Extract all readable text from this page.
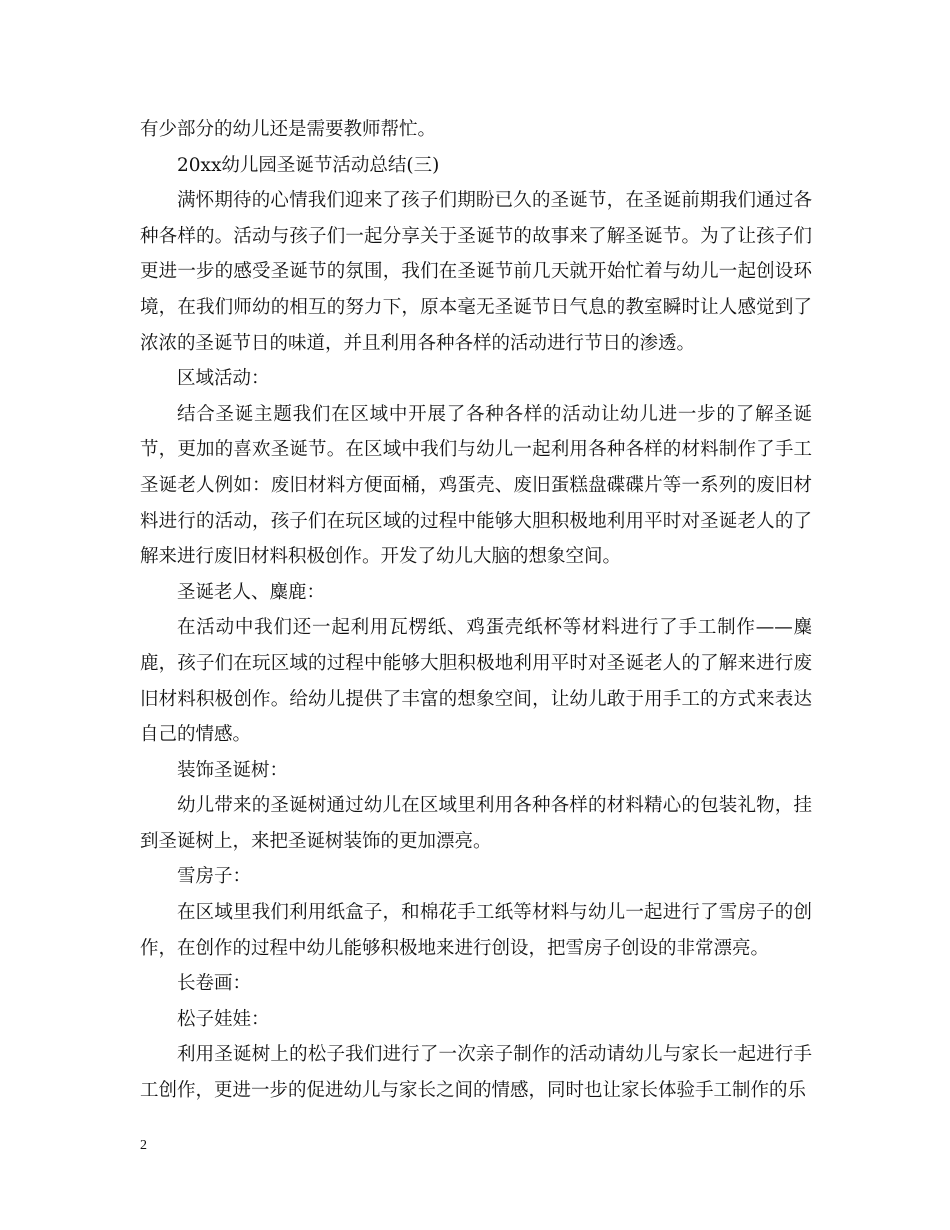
有少部分的幼儿还是需要教师帮忙。

20xx幼儿园圣诞节活动总结(三)

满怀期待的心情我们迎来了孩子们期盼已久的圣诞节，在圣诞前期我们通过各种各样的。活动与孩子们一起分享关于圣诞节的故事来了解圣诞节。为了让孩子们更进一步的感受圣诞节的氛围，我们在圣诞节前几天就开始忙着与幼儿一起创设环境，在我们师幼的相互的努力下，原本毫无圣诞节日气息的教室瞬时让人感觉到了浓浓的圣诞节日的味道，并且利用各种各样的活动进行节日的渗透。

区域活动：

结合圣诞主题我们在区域中开展了各种各样的活动让幼儿进一步的了解圣诞节，更加的喜欢圣诞节。在区域中我们与幼儿一起利用各种各样的材料制作了手工圣诞老人例如：废旧材料方便面桶，鸡蛋壳、废旧蛋糕盘碟碟片等一系列的废旧材料进行的活动，孩子们在玩区域的过程中能够大胆积极地利用平时对圣诞老人的了解来进行废旧材料积极创作。开发了幼儿大脑的想象空间。

圣诞老人、麋鹿：

在活动中我们还一起利用瓦楞纸、鸡蛋壳纸杯等材料进行了手工制作——麋鹿，孩子们在玩区域的过程中能够大胆积极地利用平时对圣诞老人的了解来进行废旧材料积极创作。给幼儿提供了丰富的想象空间，让幼儿敢于用手工的方式来表达自己的情感。

装饰圣诞树：

幼儿带来的圣诞树通过幼儿在区域里利用各种各样的材料精心的包装礼物，挂到圣诞树上，来把圣诞树装饰的更加漂亮。

雪房子：

在区域里我们利用纸盒子，和棉花手工纸等材料与幼儿一起进行了雪房子的创作，在创作的过程中幼儿能够积极地来进行创设，把雪房子创设的非常漂亮。

长卷画：

松子娃娃：

利用圣诞树上的松子我们进行了一次亲子制作的活动请幼儿与家长一起进行手工创作，更进一步的促进幼儿与家长之间的情感，同时也让家长体验手工制作的乐

2
